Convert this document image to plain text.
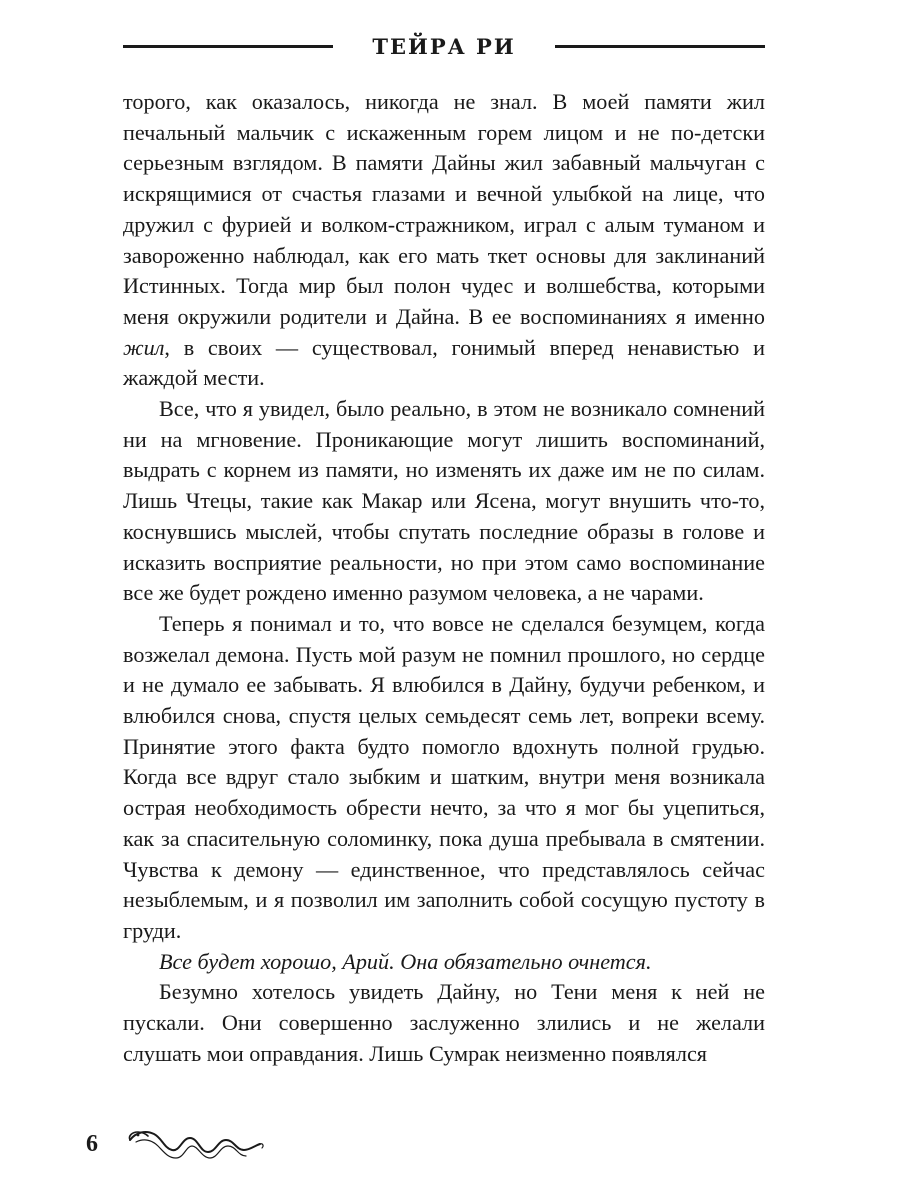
ТЕЙРА РИ

торого, как оказалось, никогда не знал. В моей памяти жил печальный мальчик с искаженным горем лицом и не по-детски серьезным взглядом. В памяти Дайны жил забавный мальчуган с искрящимися от счастья глазами и вечной улыбкой на лице, что дружил с фурией и волком-стражником, играл с алым туманом и завороженно наблюдал, как его мать ткет основы для заклинаний Истинных. Тогда мир был полон чудес и волшебства, которыми меня окружили родители и Дайна. В ее воспоминаниях я именно жил, в своих — существовал, гонимый вперед ненавистью и жаждой мести.

Все, что я увидел, было реально, в этом не возникало сомнений ни на мгновение. Проникающие могут лишить воспоминаний, выдрать с корнем из памяти, но изменять их даже им не по силам. Лишь Чтецы, такие как Макар или Ясена, могут внушить что-то, коснувшись мыслей, чтобы спутать последние образы в голове и исказить восприятие реальности, но при этом само воспоминание все же будет рождено именно разумом человека, а не чарами.

Теперь я понимал и то, что вовсе не сделался безумцем, когда возжелал демона. Пусть мой разум не помнил прошлого, но сердце и не думало ее забывать. Я влюбился в Дайну, будучи ребенком, и влюбился снова, спустя целых семьдесят семь лет, вопреки всему. Принятие этого факта будто помогло вдохнуть полной грудью. Когда все вдруг стало зыбким и шатким, внутри меня возникала острая необходимость обрести нечто, за что я мог бы уцепиться, как за спасительную соломинку, пока душа пребывала в смятении. Чувства к демону — единственное, что представлялось сейчас незыблемым, и я позволил им заполнить собой сосущую пустоту в груди.

Все будет хорошо, Арий. Она обязательно очнется.

Безумно хотелось увидеть Дайну, но Тени меня к ней не пускали. Они совершенно заслуженно злились и не желали слушать мои оправдания. Лишь Сумрак неизменно появлялся

6
